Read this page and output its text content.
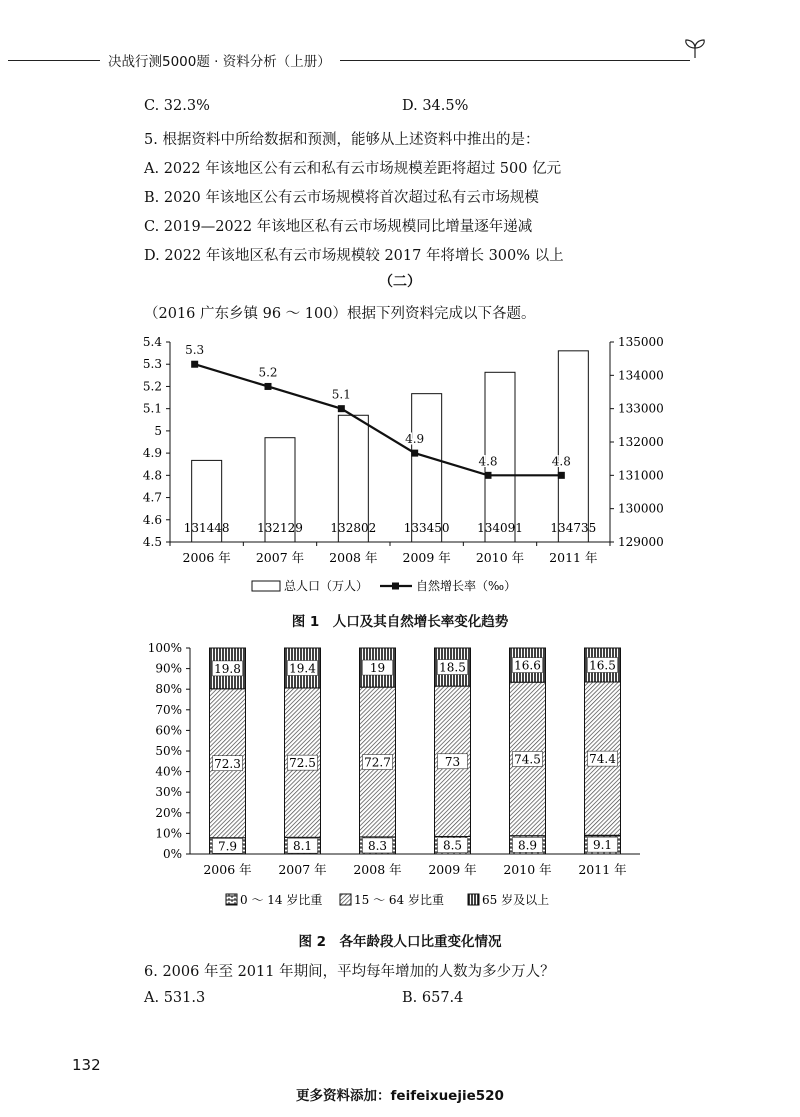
决战行测5000题 · 资料分析（上册）
C. 32.3%	D. 34.5%
5. 根据资料中所给数据和预测，能够从上述资料中推出的是：
A. 2022 年该地区公有云和私有云市场规模差距将超过 500 亿元
B. 2020 年该地区公有云市场规模将首次超过私有云市场规模
C. 2019—2022 年该地区私有云市场规模同比增量逐年递减
D. 2022 年该地区私有云市场规模较 2017 年将增长 300% 以上
（二）
（2016 广东乡镇 96 ～ 100）根据下列资料完成以下各题。
4.5
4.6
4.7
4.8
4.9
5
5.1
5.2
5.3
5.4
129000
130000
131000
132000
133000
134000
135000
2006 年 2007 年 2008 年 2009 年 2010 年 2011 年
131448 132129 132802 133450 134091 134735
5.3
5.2
5.1
4.9
4.8	4.8
总人口（万人）	自然增长率（‰）
图 1　人口及其自然增长率变化趋势
0%
10%
20%
30%
40%
50%
60%
70%
80%
90%
100%
2006 年 2007 年 2008 年 2009 年 2010 年 2011 年
7.9
72.3
19.8
8.1
72.5
19.4
8.3
72.7
19
8.5
73
18.5
8.9
74.5
16.6
9.1
74.4
16.5
0 ～ 14 岁比重	15 ～ 64 岁比重	65 岁及以上
图 2　各年龄段人口比重变化情况
6. 2006 年至 2011 年期间，平均每年增加的人数为多少万人？
A. 531.3	B. 657.4
132
更多资料添加：feifeixuejie520
